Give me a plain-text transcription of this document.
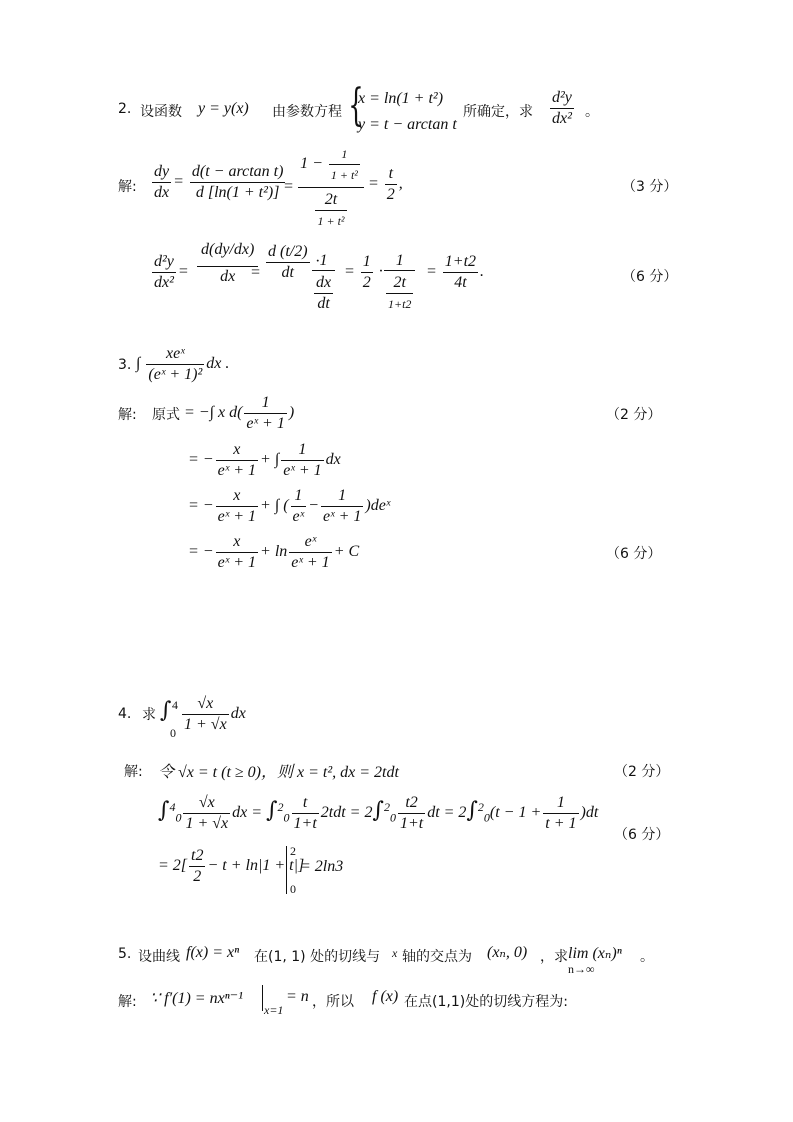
2. 设函数 y = y(x) 由参数方程 {
x = ln(1 + t²)
y = t − arctan t
所确定，求 $\frac{\text{d²y}}{\text{dx²}}$ 。
解: $\frac{dy}{dx} = \frac{\text{d(t − arctan t)}}{\text{d [ln(1 + t²)]}}$
=
$1 - \frac{1}{\text{1 + t²}}$
$\frac{2t}{\text{1 + t²}}$
= $\frac{t}{2}$ ,	（3 分）
$\frac{\text{d²y}}{\text{dx²}} = \frac{d(dy/dx)}{dx}$
= $\frac{d (t/2)}{dt} \cdot 1$
$\frac{dx}{dt}$
= $\frac{1}{2}$ ·
1
$\frac{2t}{1+t2}$
= $\frac{1+t2}{4t}$ .	（6 分）
3. ∫ $\frac{\text{xeˣ}}{\text{(eˣ + 1)²}}$ dx .
解: 原式 = −∫ x $d( \frac{1}{\text{eˣ + 1}}$ )	（2 分）
= − $\frac{x}{\text{eˣ + 1}}$ + ∫ $\frac{1}{\text{eˣ + 1}}$ dx
= − $\frac{x}{\text{eˣ + 1}}$ + ∫ ( $\frac{1}{\text{eˣ}} - \frac{1}{\text{eˣ + 1}}$ )deˣ
= − $\frac{x}{\text{eˣ + 1}} + \ln \frac{\text{eˣ}}{\text{eˣ + 1}} + C$	（6 分）
4. 求 ∫ 4
$0 \frac{√x}{1 + √x}$ dx
解: 令 √x = t (t ≥ 0)，则 x = t², dx = 2tdt	（2 分）
$\int^4_0 \frac{√x}{1 + √x}$ dx = $\int^2_0 \frac{t}{1+t} 2tdt = 2\int^2_0 \frac{t2}{1+t}$ dt = $2\int^2_0(t - 1 + \frac{1}{t + 1} )dt$
（6 分）
= $2[ \frac{t2}{2} - t + \ln|1 + t|]$
2
0
= 2ln3
5. 设曲线 f(x) = xⁿ 在(1, 1) 处的切线与 x 轴的交点为 (xₙ, 0) ，求 lim (xₙ)ⁿ
n→∞
。
解: ∵ f′(1) = nxⁿ⁻¹
x=1
= n ，所以 f (x) 在点(1,1)处的切线方程为:
